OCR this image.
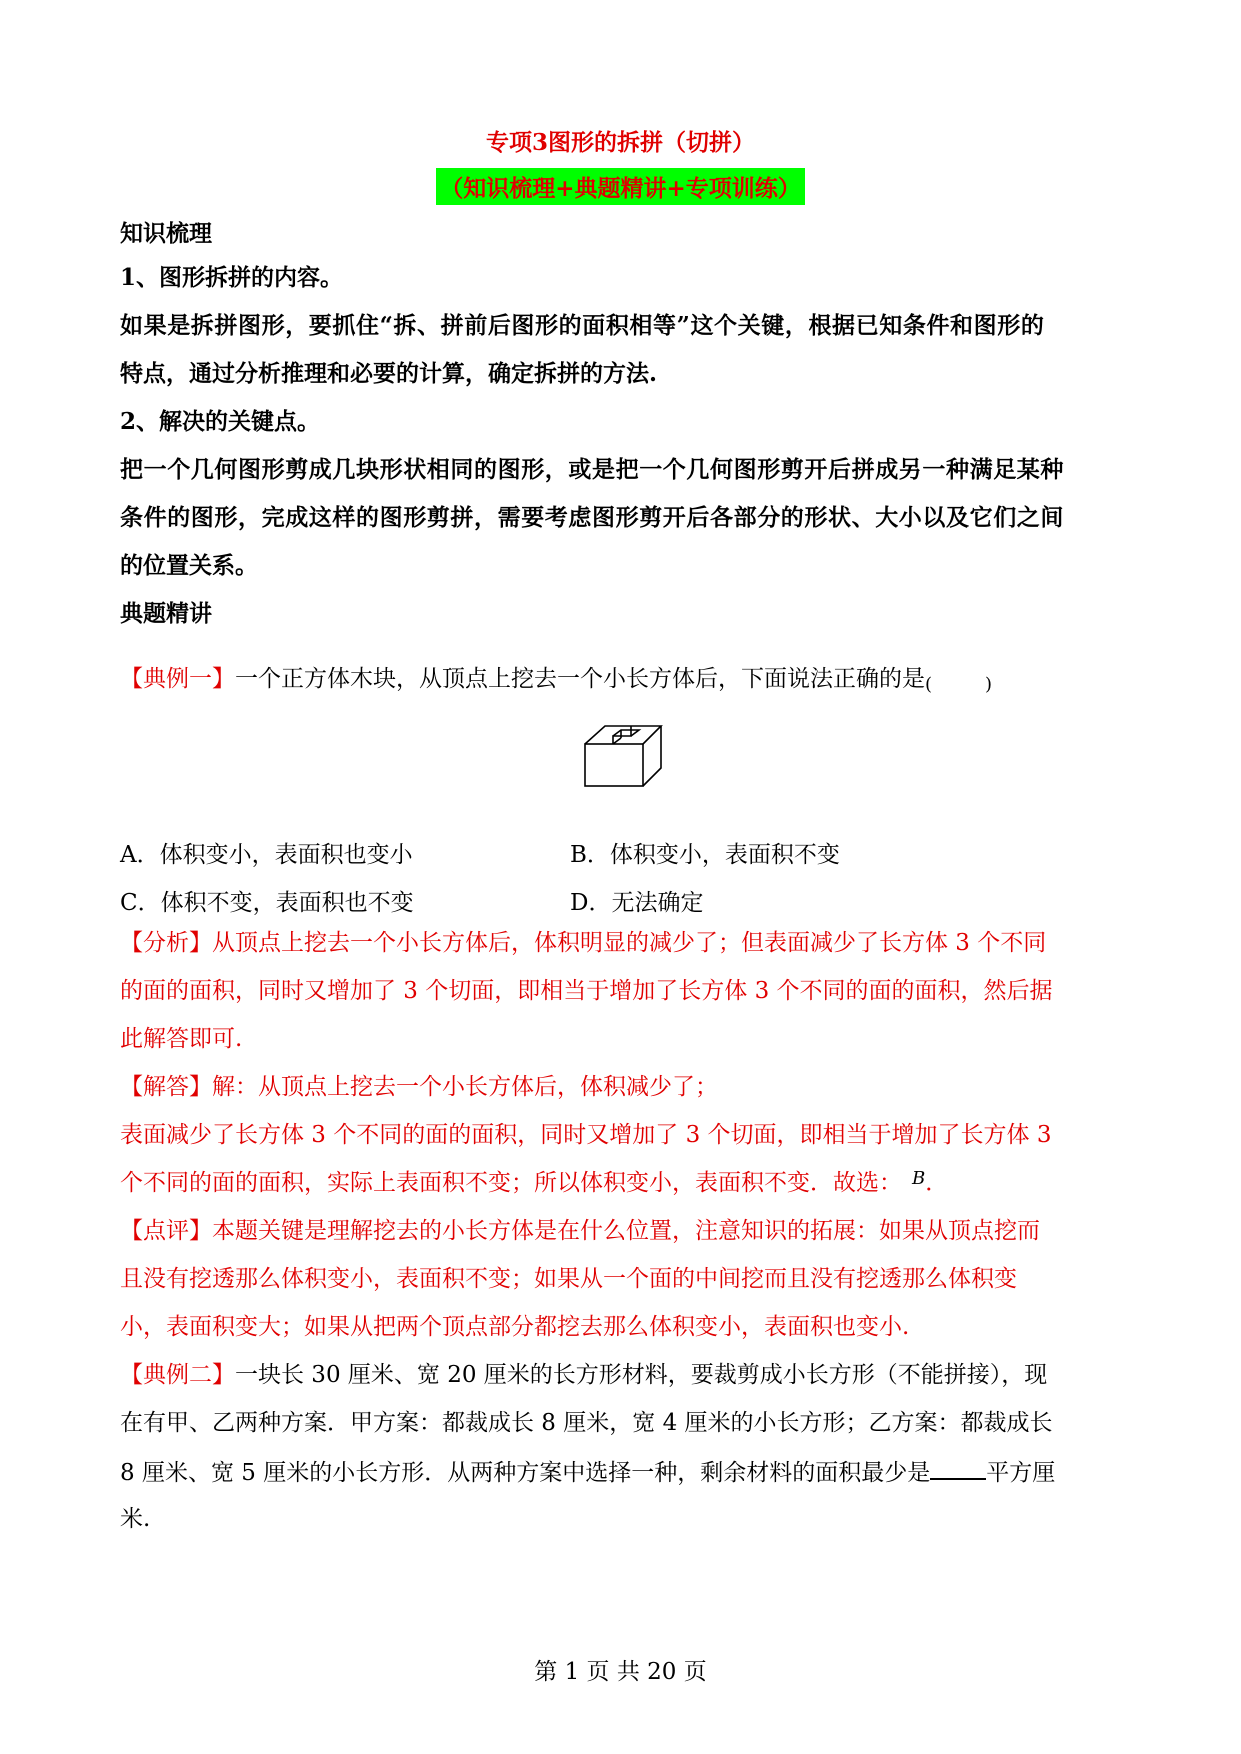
专项3图形的拆拼（切拼）
（知识梳理+典题精讲+专项训练）
知识梳理
1、图形拆拼的内容。
如果是拆拼图形，要抓住“拆、拼前后图形的面积相等”这个关键，根据已知条件和图形的
特点，通过分析推理和必要的计算，确定拆拼的方法.
2、解决的关键点。
把一个几何图形剪成几块形状相同的图形，或是把一个几何图形剪开后拼成另一种满足某种
条件的图形，完成这样的图形剪拼，需要考虑图形剪开后各部分的形状、大小以及它们之间
的位置关系。
典题精讲
【典例一】一个正方体木块，从顶点上挖去一个小长方体后，下面说法正确的是 (	)
A．体积变小，表面积也变小	B．体积变小，表面积不变
C．体积不变，表面积也不变	D．无法确定
【分析】从顶点上挖去一个小长方体后，体积明显的减少了；但表面减少了长方体 3 个不同
的面的面积，同时又增加了 3 个切面，即相当于增加了长方体 3 个不同的面的面积，然后据
此解答即可.
【解答】解：从顶点上挖去一个小长方体后，体积减少了；
表面减少了长方体 3 个不同的面的面积，同时又增加了 3 个切面，即相当于增加了长方体 3
个不同的面的面积，实际上表面积不变；所以体积变小，表面积不变．故选： $^B$．
【点评】本题关键是理解挖去的小长方体是在什么位置，注意知识的拓展：如果从顶点挖而
且没有挖透那么体积变小，表面积不变；如果从一个面的中间挖而且没有挖透那么体积变
小，表面积变大；如果从把两个顶点部分都挖去那么体积变小，表面积也变小.
【典例二】一块长 30 厘米、宽 20 厘米的长方形材料，要裁剪成小长方形（不能拼接），现
在有甲、乙两种方案．甲方案：都裁成长 8 厘米，宽 4 厘米的小长方形；乙方案：都裁成长
8 厘米、宽 5 厘米的小长方形．从两种方案中选择一种，剩余材料的面积最少是 平方厘
米.
第 1 页 共 20 页
